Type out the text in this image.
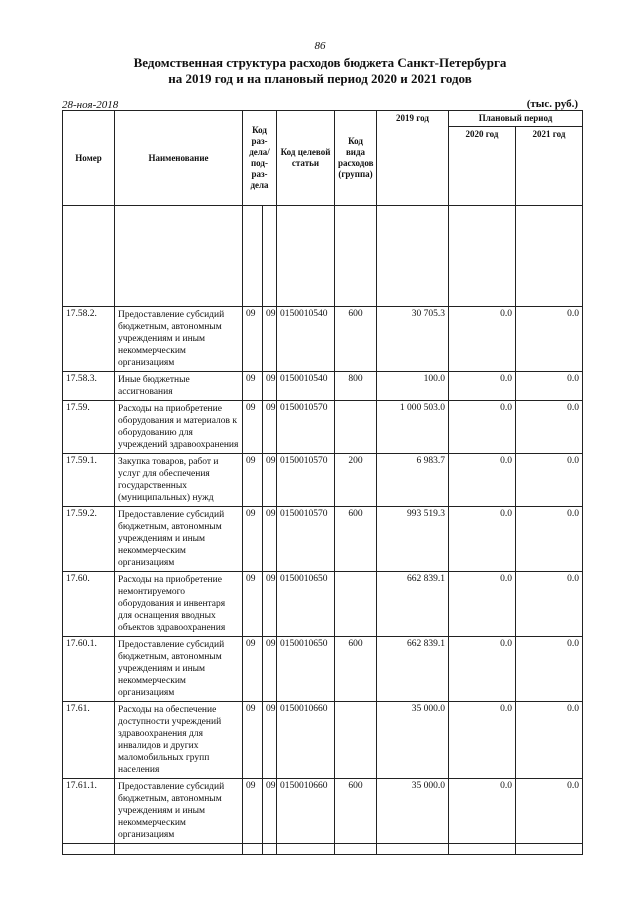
86
Ведомственная структура расходов бюджета Санкт-Петербурга
на 2019 год и на плановый период 2020 и 2021 годов
28-ноя-2018	(тыс. руб.)
Номер	Наименование	Код раз- дела/ под- раз- дела		Код целевой статьи	Код вида расходов (группа)	2019 год	Плановый период	
							2020 год	2021 год

17.58.2.	Предоставление субсидий бюджетным, автономным учреждениям и иным некоммерческим организациям	09	09	0150010540	600	30 705.3	0.0	0.0
17.58.3.	Иные бюджетные ассигнования	09	09	0150010540	800	100.0	0.0	0.0
17.59.	Расходы на приобретение оборудования и материалов к оборудованию для учреждений здравоохранения	09	09	0150010570		1 000 503.0	0.0	0.0
17.59.1.	Закупка товаров, работ и услуг для обеспечения государственных (муниципальных) нужд	09	09	0150010570	200	6 983.7	0.0	0.0
17.59.2.	Предоставление субсидий бюджетным, автономным учреждениям и иным некоммерческим организациям	09	09	0150010570	600	993 519.3	0.0	0.0
17.60.	Расходы на приобретение немонтируемого оборудования и инвентаря для оснащения вводных объектов здравоохранения	09	09	0150010650		662 839.1	0.0	0.0
17.60.1.	Предоставление субсидий бюджетным, автономным учреждениям и иным некоммерческим организациям	09	09	0150010650	600	662 839.1	0.0	0.0
17.61.	Расходы на обеспечение доступности учреждений здравоохранения для инвалидов и других маломобильных групп населения	09	09	0150010660		35 000.0	0.0	0.0
17.61.1.	Предоставление субсидий бюджетным, автономным учреждениям и иным некоммерческим организациям	09	09	0150010660	600	35 000.0	0.0	0.0
